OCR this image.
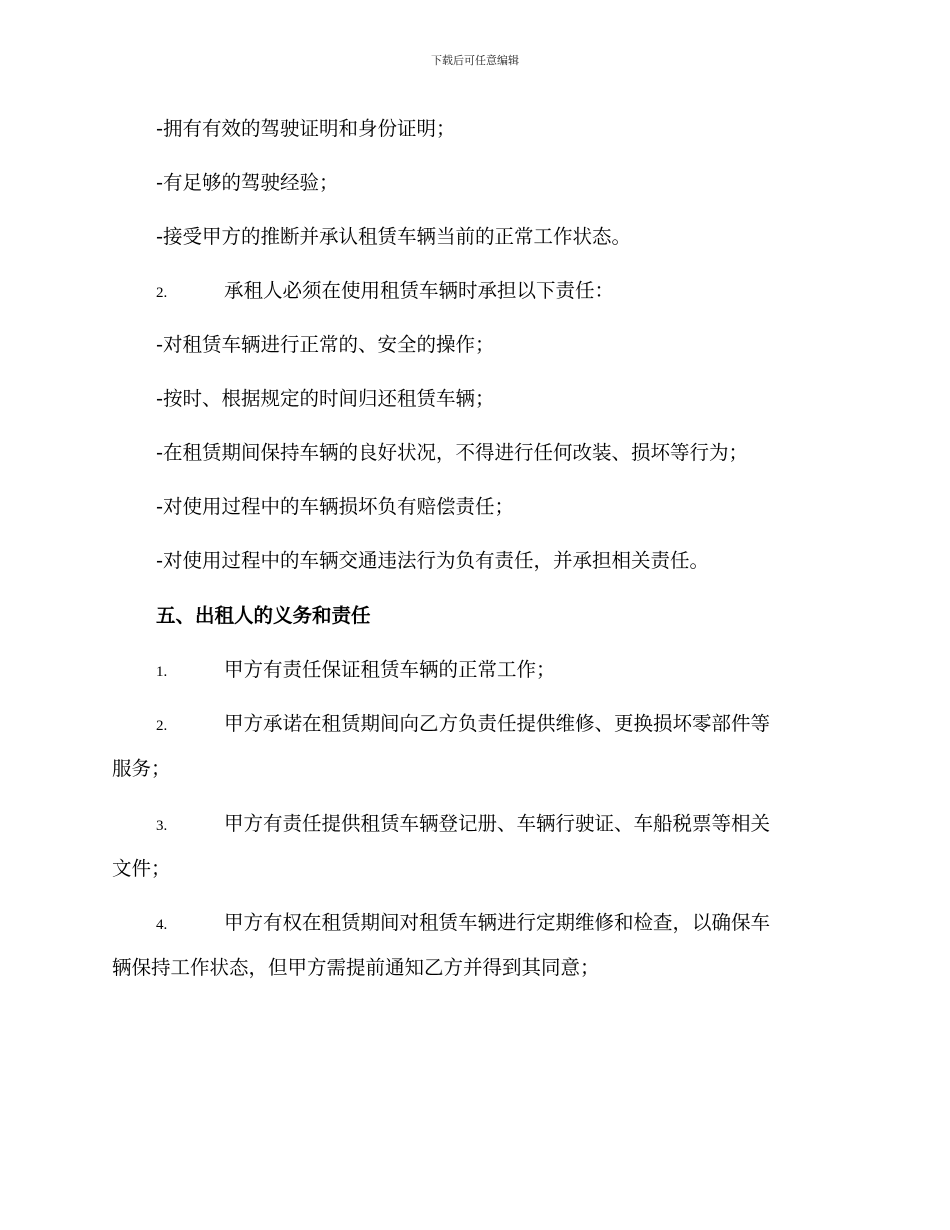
下载后可任意编辑
-拥有有效的驾驶证明和身份证明；
-有足够的驾驶经验；
-接受甲方的推断并承认租赁车辆当前的正常工作状态。
2.	承租人必须在使用租赁车辆时承担以下责任：
-对租赁车辆进行正常的、安全的操作；
-按时、根据规定的时间归还租赁车辆；
-在租赁期间保持车辆的良好状况，不得进行任何改装、损坏等行为；
-对使用过程中的车辆损坏负有赔偿责任；
-对使用过程中的车辆交通违法行为负有责任，并承担相关责任。
五、出租人的义务和责任
1.	甲方有责任保证租赁车辆的正常工作；
2.	甲方承诺在租赁期间向乙方负责任提供维修、更换损坏零部件等
服务；
3.	甲方有责任提供租赁车辆登记册、车辆行驶证、车船税票等相关
文件；
4.	甲方有权在租赁期间对租赁车辆进行定期维修和检查，以确保车
辆保持工作状态，但甲方需提前通知乙方并得到其同意；
